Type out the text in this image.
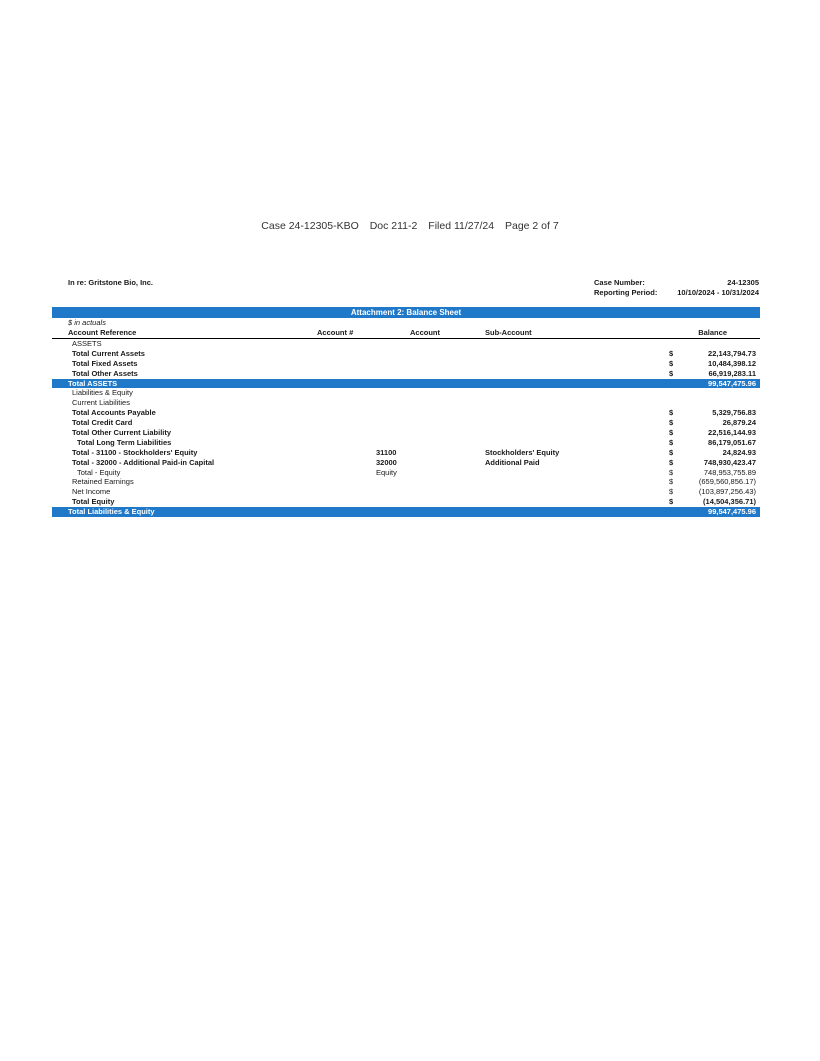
Case 24-12305-KBO Doc 211-2 Filed 11/27/24 Page 2 of 7
In re: Gritstone Bio, Inc.	Case Number:	24-12305
Reporting Period:	10/10/2024 - 10/31/2024
Attachment 2: Balance Sheet
$ in actuals
Account Reference	Account #	Account	Sub-Account	Balance
ASSETS
Total Current Assets	$	22,143,794.73
Total Fixed Assets	$	10,484,398.12
Total Other Assets	$	66,919,283.11
Total ASSETS	99,547,475.96
Liabilities & Equity
Current Liabilities
Total Accounts Payable	$	5,329,756.83
Total Credit Card	$	26,879.24
Total Other Current Liability	$	22,516,144.93
Total Long Term Liabilities	$	86,179,051.67
Total - 31100 - Stockholders' Equity	31100	Stockholders' Equity	$	24,824.93
Total - 32000 - Additional Paid-in Capital	32000	Additional Paid	$	748,930,423.47
Total - Equity	Equity	$	748,953,755.89
Retained Earnings	$	(659,560,856.17)
Net Income	$	(103,897,256.43)
Total Equity	$	(14,504,356.71)
Total Liabilities & Equity	99,547,475.96
